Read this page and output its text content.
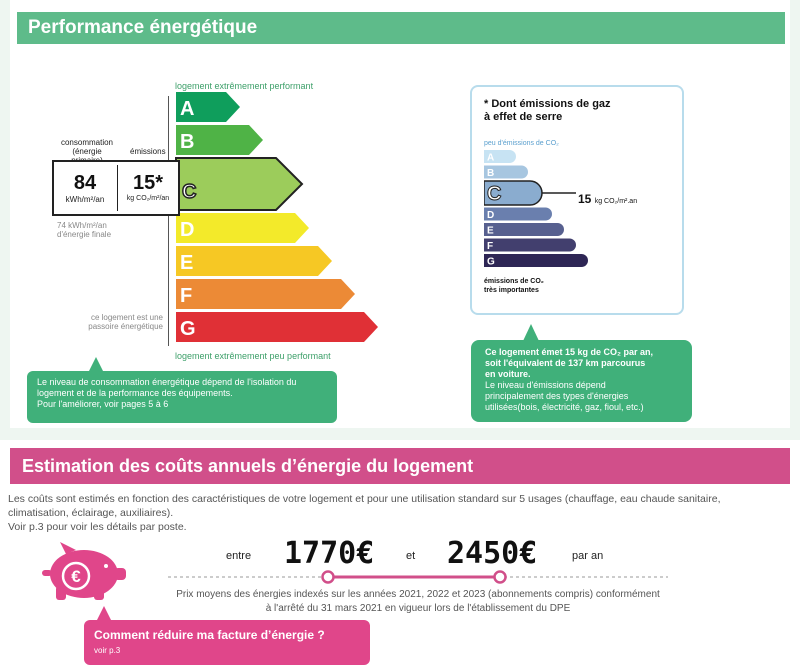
Performance énergétique
logement extrêmement performant
A
B
C
D
E
F
G
logement extrêmement peu performant
consommation
(énergie	émissions
84
kWh/m²/an
15*
kg CO₂/m²/an
74 kWh/m²/an
d'énergie finale
ce logement est une
passoire énergétique
Le niveau de consommation énergétique dépend de l'isolation du
logement et de la performance des équipements.
Pour l'améliorer, voir pages 5 à 6
* Dont émissions de gaz
à effet de serre
peu d'émissions de CO₂
A
B
C
D
E
F
G
15 kg CO₂/m².an
émissions de CO₂
très importantes
Ce logement émet 15 kg de CO₂ par an,
soit l'équivalent de 137 km parcourus
en voiture.
Le niveau d'émissions dépend
principalement des types d'énergies
utilisées(bois, électricité, gaz, fioul, etc.)
Estimation des coûts annuels d’énergie du logement
Les coûts sont estimés en fonction des caractéristiques de votre logement et pour une utilisation standard sur 5 usages (chauffage, eau chaude sanitaire,
climatisation, éclairage, auxiliaires).
Voir p.3 pour voir les détails par poste.
€
entre 1770€	et 2450€	par an
Prix moyens des énergies indexés sur les années 2021, 2022 et 2023 (abonnements compris) conformément
à l'arrêté du 31 mars 2021 en vigueur lors de l'établissement du DPE
Comment réduire ma facture d’énergie ?
voir p.3
